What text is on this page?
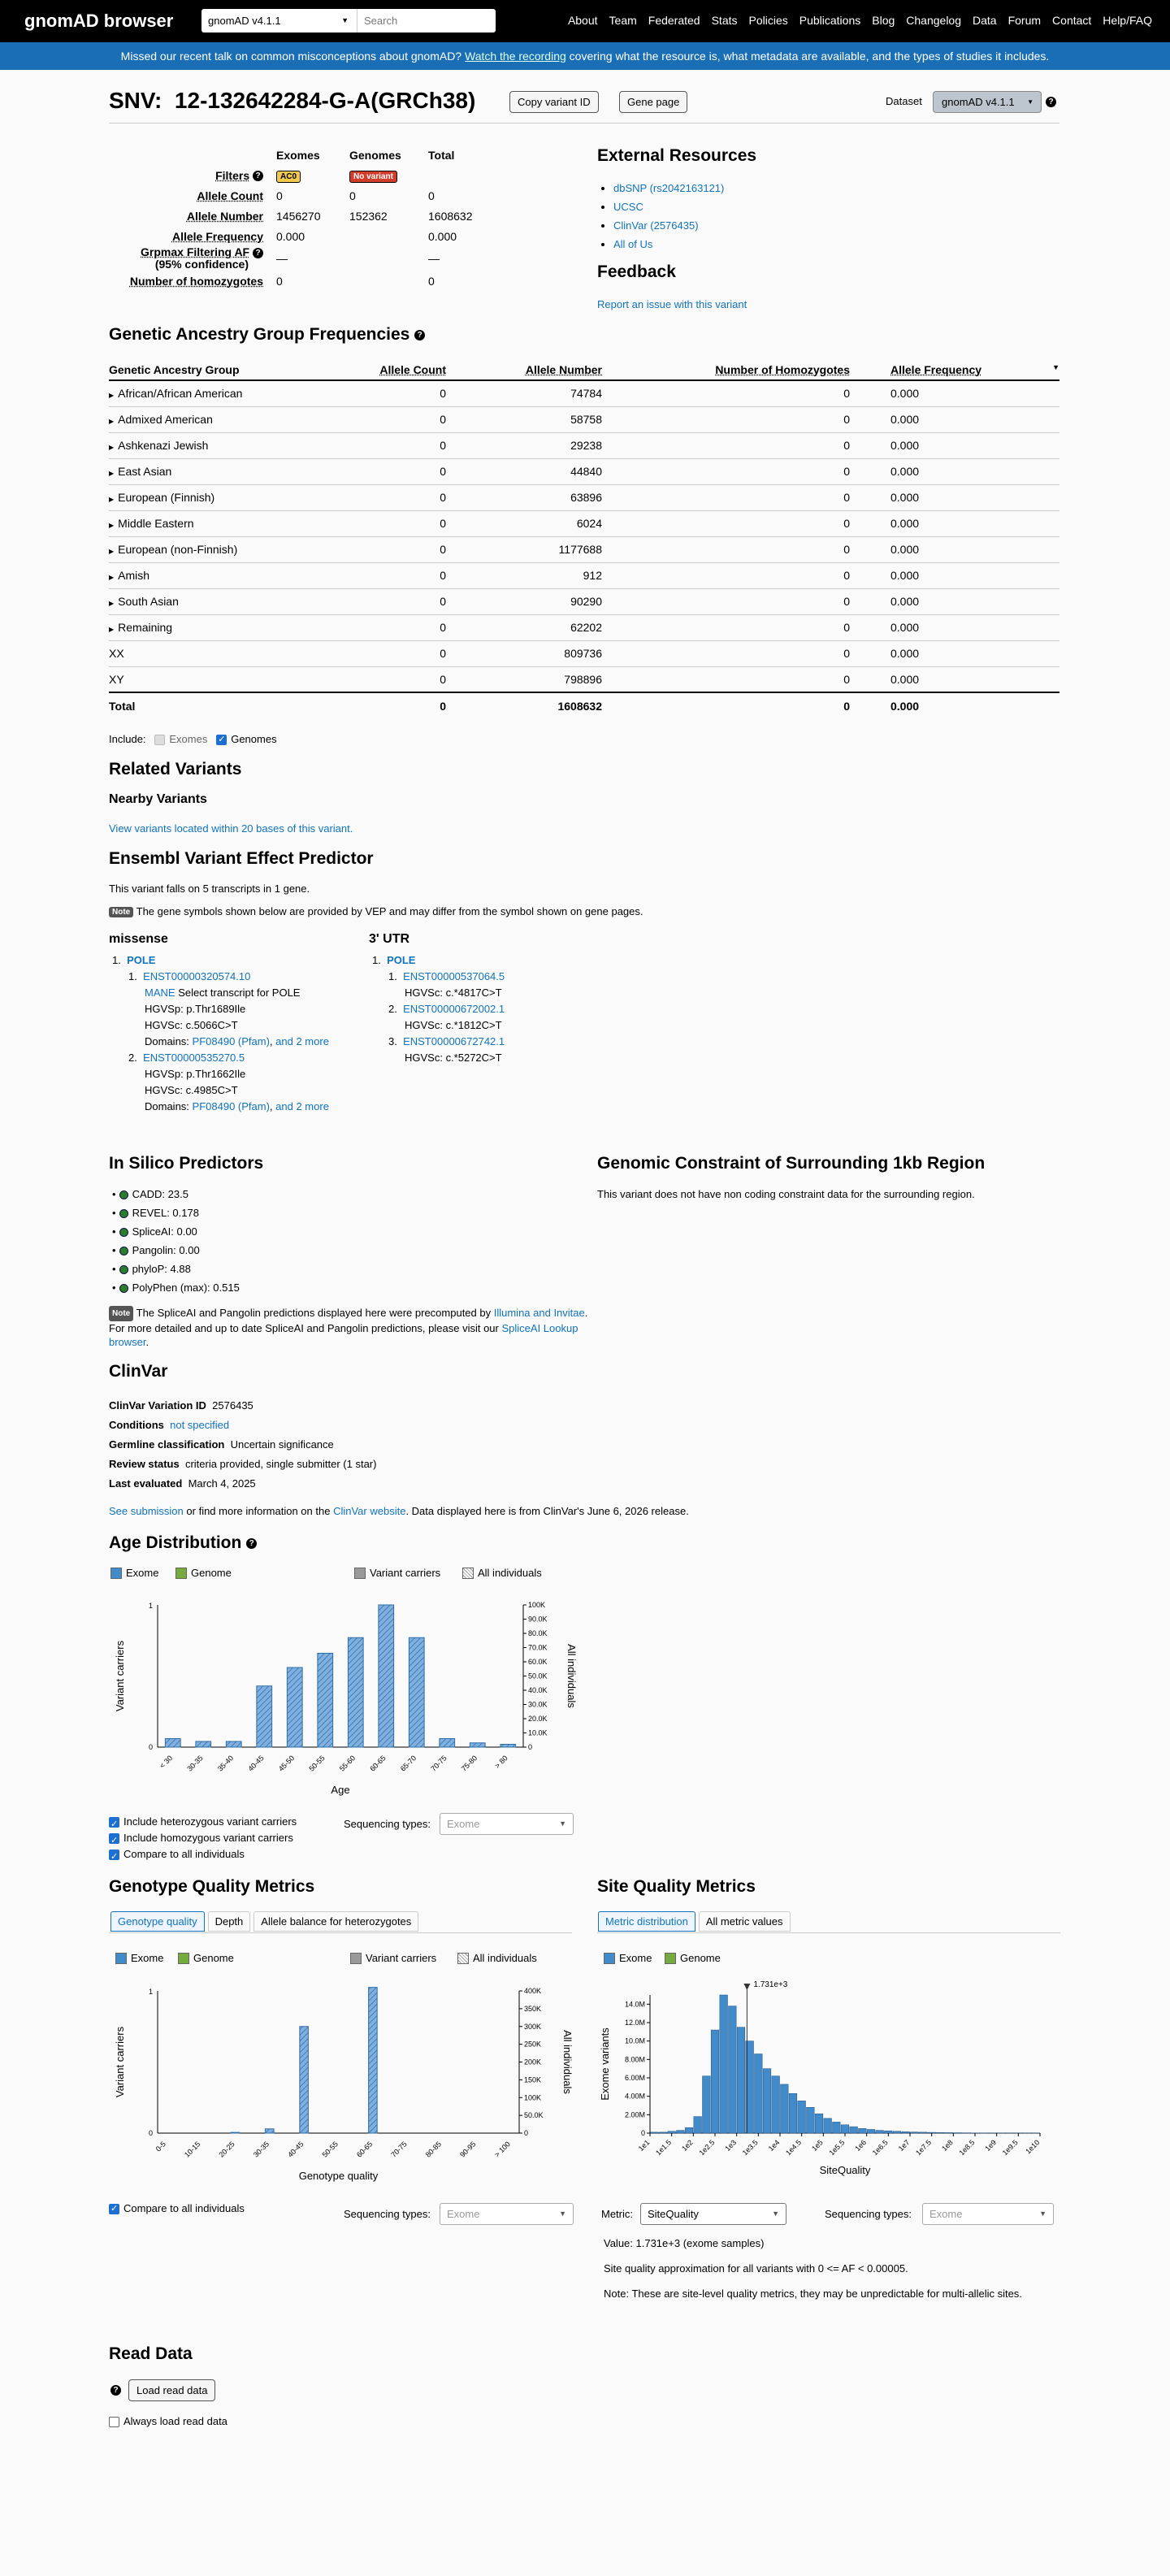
gnomAD browser	gnomAD v4.1.1	▼	Search	About Team Federated Stats Policies Publications Blog Changelog Data Forum Contact Help/FAQ
Missed our recent talk on common misconceptions about gnomAD? Watch the recording covering what the resource is, what metadata are available, and the types of studies it includes.
SNV: 12-132642284-G-A(GRCh38)	Copy variant ID	Gene page	Dataset	gnomAD v4.1.1 ▼	?
	Exomes	Genomes	Total
Filters ?	AC0	No variant	
Allele Count	0	0	0
Allele Number	1456270	152362	1608632
Allele Frequency	0.000		0.000
Grpmax Filtering AF ?
(95% confidence)	—		—
Number of homozygotes	0		0
External Resources
• dbSNP (rs2042163121)
• UCSC
• ClinVar (2576435)
• All of Us
Feedback
Report an issue with this variant
Genetic Ancestry Group Frequencies ?
Genetic Ancestry Group	Allele Count	Allele Number	Number of Homozygotes	Allele Frequency ▼

▶ African/African American	0	74784	0	0.000
▶ Admixed American	0	58758	0	0.000
▶ Ashkenazi Jewish	0	29238	0	0.000
▶ East Asian	0	44840	0	0.000
▶ European (Finnish)	0	63896	0	0.000
▶ Middle Eastern	0	6024	0	0.000
▶ European (non-Finnish)	0	1177688	0	0.000
▶ Amish	0	912	0	0.000
▶ South Asian	0	90290	0	0.000
▶ Remaining	0	62202	0	0.000
XX	0	809736	0	0.000
XY	0	798896	0	0.000
Total	0	1608632	0	0.000
Include: Exomes ✓ Genomes
Related Variants
Nearby Variants
View variants located within 20 bases of this variant.
Ensembl Variant Effect Predictor
This variant falls on 5 transcripts in 1 gene.
Note The gene symbols shown below are provided by VEP and may differ from the symbol shown on gene pages.
missense
1.  POLE
1.  ENST00000320574.10

MANE Select transcript for POLE
HGVSp: p.Thr1689Ile
HGVSc: c.5066C>T
Domains: PF08490 (Pfam), and 2 more
2.  ENST00000535270.5

HGVSp: p.Thr1662Ile
HGVSc: c.4985C>T
Domains: PF08490 (Pfam), and 2 more
3' UTR
1.  POLE
1.  ENST00000537064.5

HGVSc: c.*4817C>T
2.  ENST00000672002.1

HGVSc: c.*1812C>T
3.  ENST00000672742.1

HGVSc: c.*5272C>T
In Silico Predictors
• CADD: 23.5
• REVEL: 0.178
• SpliceAI: 0.00
• Pangolin: 0.00
• phyloP: 4.88
• PolyPhen (max): 0.515
Note The SpliceAI and Pangolin predictions displayed here were precomputed by Illumina and Invitae. For more detailed and up to date SpliceAI and Pangolin predictions, please visit our SpliceAI Lookup browser.
Genomic Constraint of Surrounding 1kb Region
This variant does not have non coding constraint data for the surrounding region.
ClinVar
ClinVar Variation ID 2576435
Conditions not specified
Germline classification Uncertain significance
Review status criteria provided, single submitter (1 star)
Last evaluated March 4, 2025
See submission or find more information on the ClinVar website. Data displayed here is from ClinVar's June 6, 2026 release.
Age Distribution ?
Exome	Genome	Variant carriers	All individuals
1
0	0
10.0K
20.0K
30.0K
40.0K
50.0K
60.0K
70.0K
80.0K
90.0K
100K
< 30 30-35 35-40 40-45 45-50 50-55 55-60 60-65 65-70 70-75 75-80 > 80
Age
Variant carriers	All individuals
✓Include heterozygous variant carriers
✓Include homozygous variant carriers
✓Compare to all individuals
Sequencing types:	Exome	▼
Genotype Quality Metrics
Genotype quality	Depth	Allele balance for heterozygotes
Exome	Genome	Variant carriers	All individuals
1
0	0
50.0K
100K
150K
200K
250K
300K
350K
400K
0-5 10-15 20-25 30-35 40-45 50-55 60-65 70-75 80-85 90-95 > 100
Genotype quality
Variant carriers	All individuals
✓Compare to all individuals	Sequencing types:	Exome	▼
Site Quality Metrics
Metric distribution	All metric values
Exome	Genome
0
2.00M
4.00M
6.00M
8.00M
10.0M
12.0M
14.0M
1e1 1e1.5 1e2 1e2.5 1e3 1e3.5 1e4 1e4.5 1e5 1e5.5 1e6 1e6.5 1e7 1e7.5 1e8 1e8.5 1e9 1e9.5 1e10
1.731e+3
SiteQuality
Exome variants
Metric:	SiteQuality	▼	Sequencing types:	Exome	▼
Value: 1.731e+3 (exome samples)
Site quality approximation for all variants with 0 <= AF < 0.00005.
Note: These are site-level quality metrics, they may be unpredictable for multi-allelic sites.
Read Data
?	Load read data
Always load read data
